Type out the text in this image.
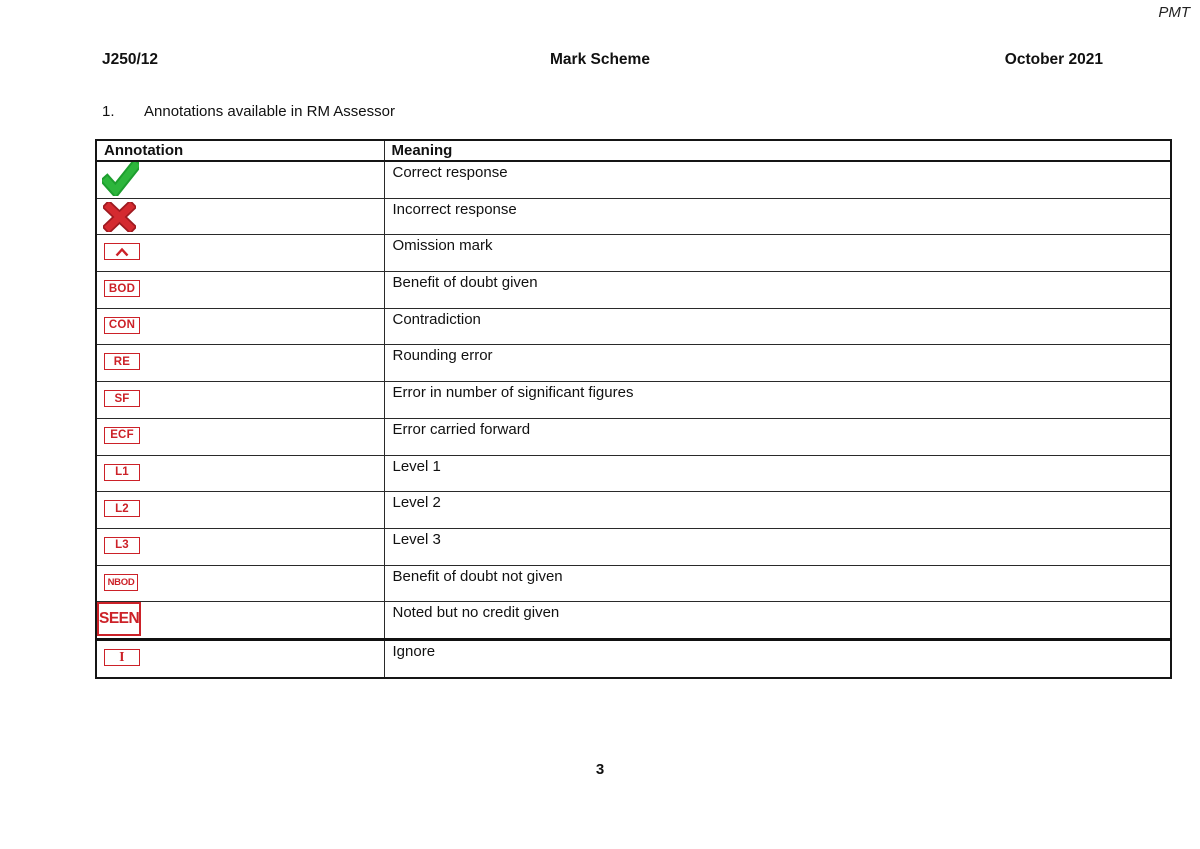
PMT
J250/12	Mark Scheme	October 2021
1. Annotations available in RM Assessor
Annotation	Meaning

	Correct response

	Incorrect response

	Omission mark
BOD	Benefit of doubt given
CON	Contradiction
RE	Rounding error
SF	Error in number of significant figures
ECF	Error carried forward
L1	Level 1
L2	Level 2
L3	Level 3
NBOD	Benefit of doubt not given
SEEN	Noted but no credit given
I	Ignore
3
